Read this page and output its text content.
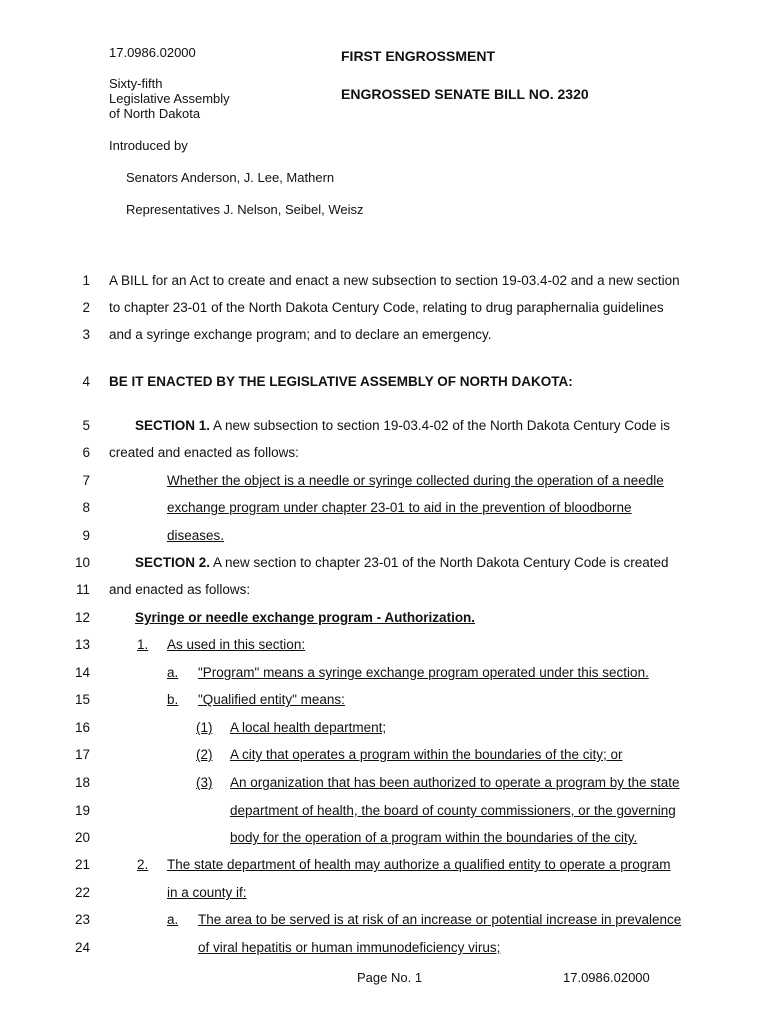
17.0986.02000	FIRST ENGROSSMENT
Sixty-fifth
Legislative Assembly
of North Dakota
ENGROSSED SENATE BILL NO. 2320
Introduced by
Senators Anderson, J. Lee, Mathern
Representatives J. Nelson, Seibel, Weisz
1 A BILL for an Act to create and enact a new subsection to section 19-03.4-02 and a new section
2 to chapter 23-01 of the North Dakota Century Code, relating to drug paraphernalia guidelines
3 and a syringe exchange program; and to declare an emergency.
4 BE IT ENACTED BY THE LEGISLATIVE ASSEMBLY OF NORTH DAKOTA:
5	SECTION 1. A new subsection to section 19-03.4-02 of the North Dakota Century Code is
6 created and enacted as follows:
7	Whether the object is a needle or syringe collected during the operation of a needle
8	exchange program under chapter 23-01 to aid in the prevention of bloodborne
9	diseases.
10	SECTION 2. A new section to chapter 23-01 of the North Dakota Century Code is created
11 and enacted as follows:
12	Syringe or needle exchange program - Authorization.
13	1. As used in this section:
14	a. "Program" means a syringe exchange program operated under this section.
15	b. "Qualified entity" means:
16	(1) A local health department;
17	(2) A city that operates a program within the boundaries of the city; or
18	(3) An organization that has been authorized to operate a program by the state
19	department of health, the board of county commissioners, or the governing
20	body for the operation of a program within the boundaries of the city.
21	2. The state department of health may authorize a qualified entity to operate a program
22	in a county if:
23	a. The area to be served is at risk of an increase or potential increase in prevalence
24	of viral hepatitis or human immunodeficiency virus;
Page No. 1	17.0986.02000
